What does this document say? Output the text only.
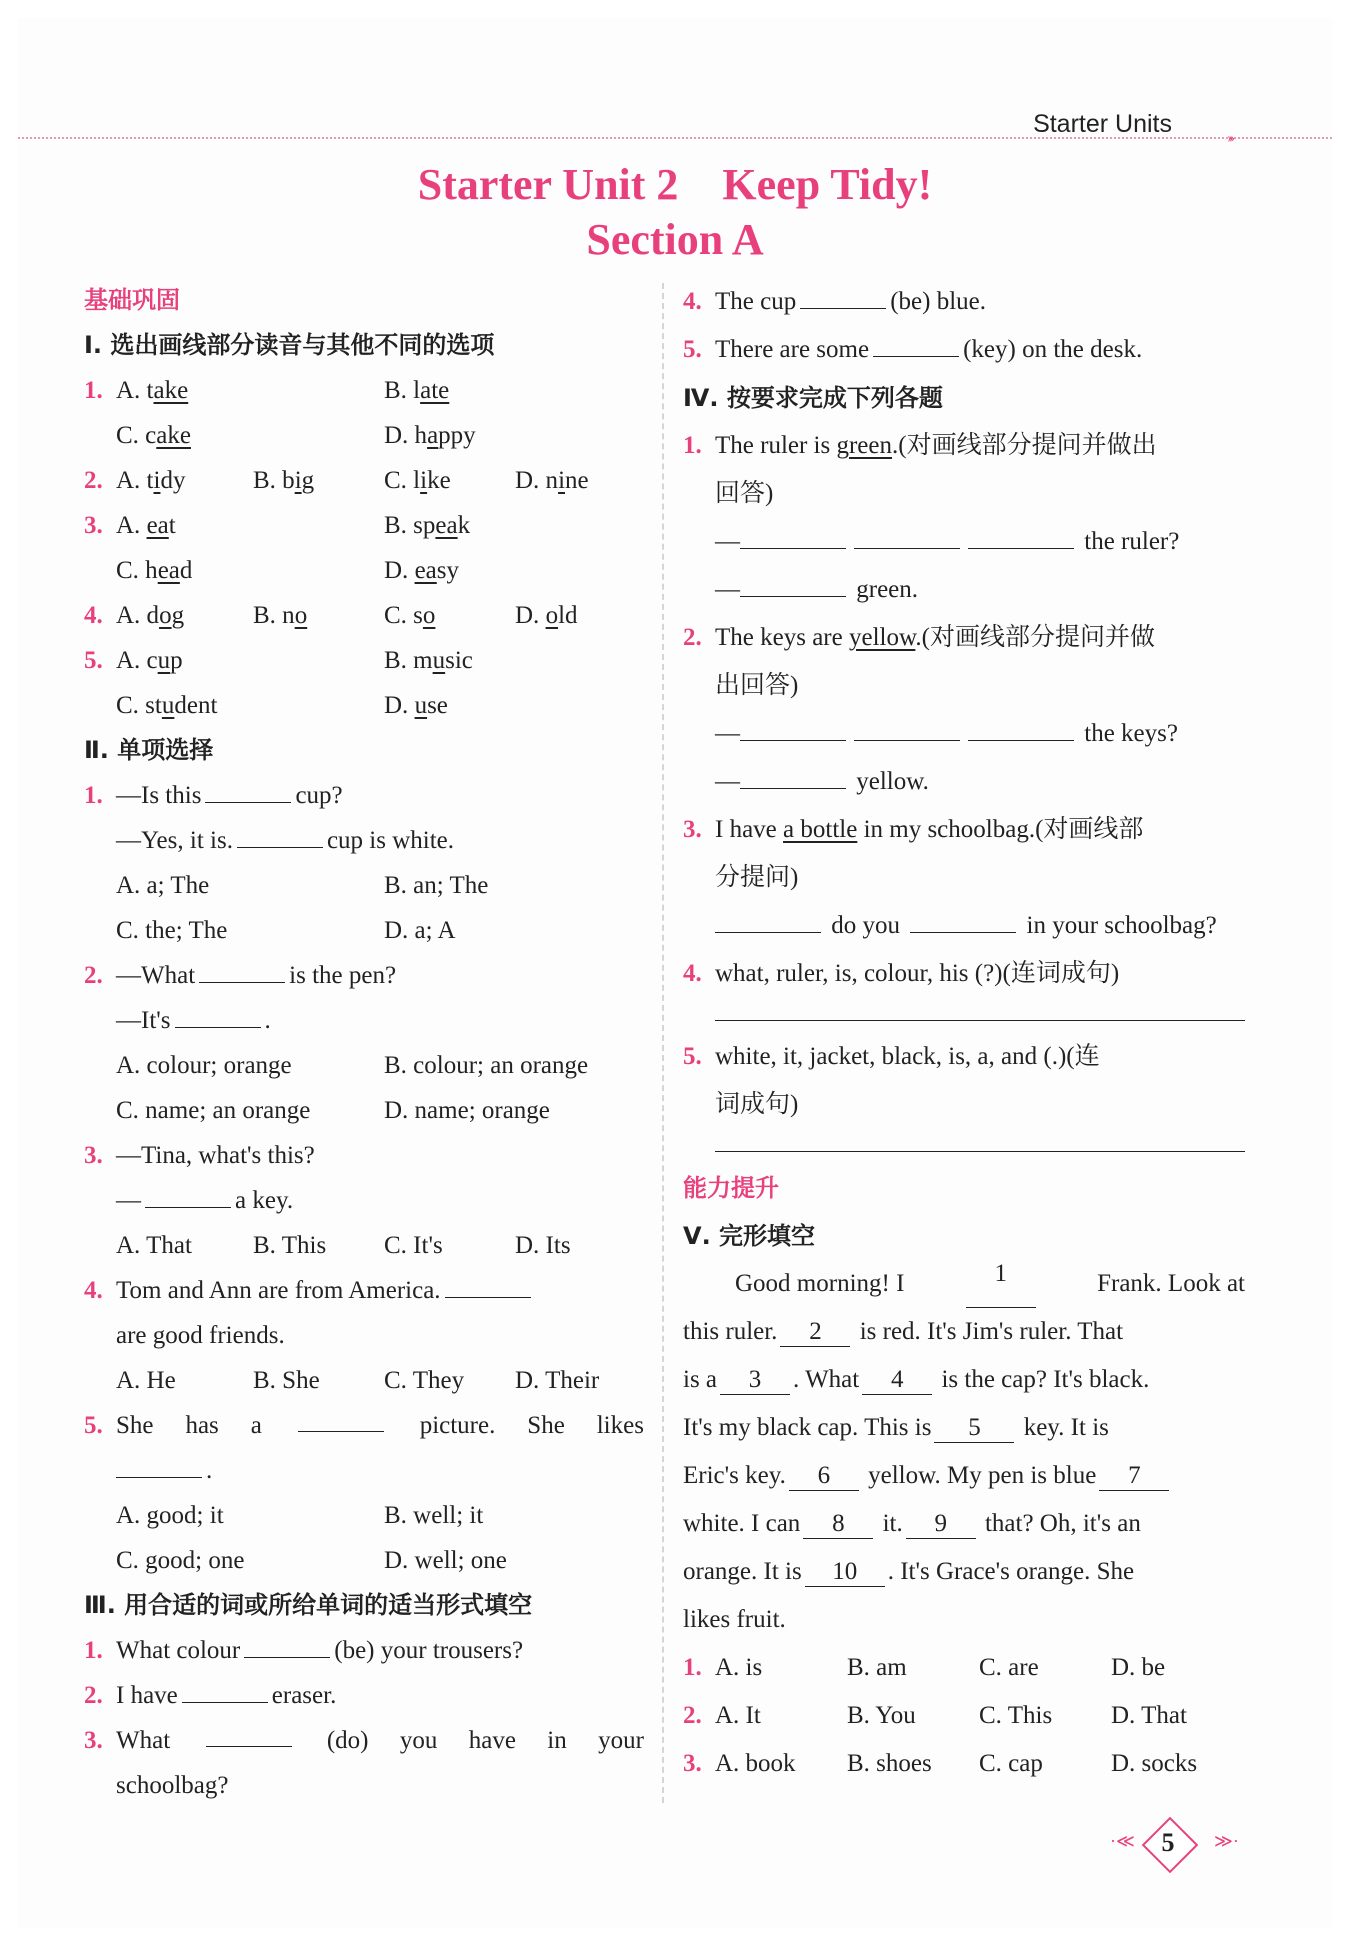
Starter Units
›››
Starter Unit 2　Keep Tidy!
Section A
基础巩固
Ⅰ. 选出画线部分读音与其他不同的选项
1. A. take	B. late
C. cake	D. happy
2. A. tidy	B. big	C. like	D. nine
3. A. eat	B. speak
C. head	D. easy
4. A. dog	B. no	C. so	D. old
5. A. cup	B. music
C. student	D. use
Ⅱ. 单项选择
1. —Is this	cup?
—Yes, it is.	cup is white.
A. a; The	B. an; The
C. the; The	D. a; A
2. —What	is the pen?
—It's	.
A. colour; orange	B. colour; an orange
C. name; an orange	D. name; orange
3. —Tina, what's this?
—	a key.
A. That B. This C. It's	D. Its
4. Tom and Ann are from America.
are good friends.
A. He	B. She	C. They D. Their
5. She has a	picture. She likes
.
A. good; it	B. well; it
C. good; one	D. well; one
Ⅲ. 用合适的词或所给单词的适当形式填空
1. What colour	(be) your trousers?
2. I have	eraser.
3. What	(do) you have in your
schoolbag?
4. The cup	(be) blue.
5. There are some	(key) on the desk.
Ⅳ. 按要求完成下列各题
1. The ruler is green.(对画线部分提问并做出
回答)
—	the ruler?
—	green.
2. The keys are yellow.(对画线部分提问并做
出回答)
—	the keys?
—	yellow.
3. I have a bottle in my schoolbag.(对画线部
分提问)
do you	in your schoolbag?
4. what, ruler, is, colour, his (?)(连词成句)
5. white, it, jacket, black, is, a, and (.)(连
词成句)
能力提升
Ⅴ. 完形填空
Good morning! I	1	Frank. Look at
this ruler. 2 is red. It's Jim's ruler. That
is a 3 . What 4 is the cap? It's black.
It's my black cap. This is 5 key. It is
Eric's key. 6 yellow. My pen is blue 7
white. I can 8 it. 9 that? Oh, it's an
orange. It is 10 . It's Grace's orange. She
likes fruit.
1. A. is	B. am	C. are	D. be
2. A. It	B. You	C. This D. That
3. A. book B. shoes C. cap	D. socks
·≪	5	≫·
